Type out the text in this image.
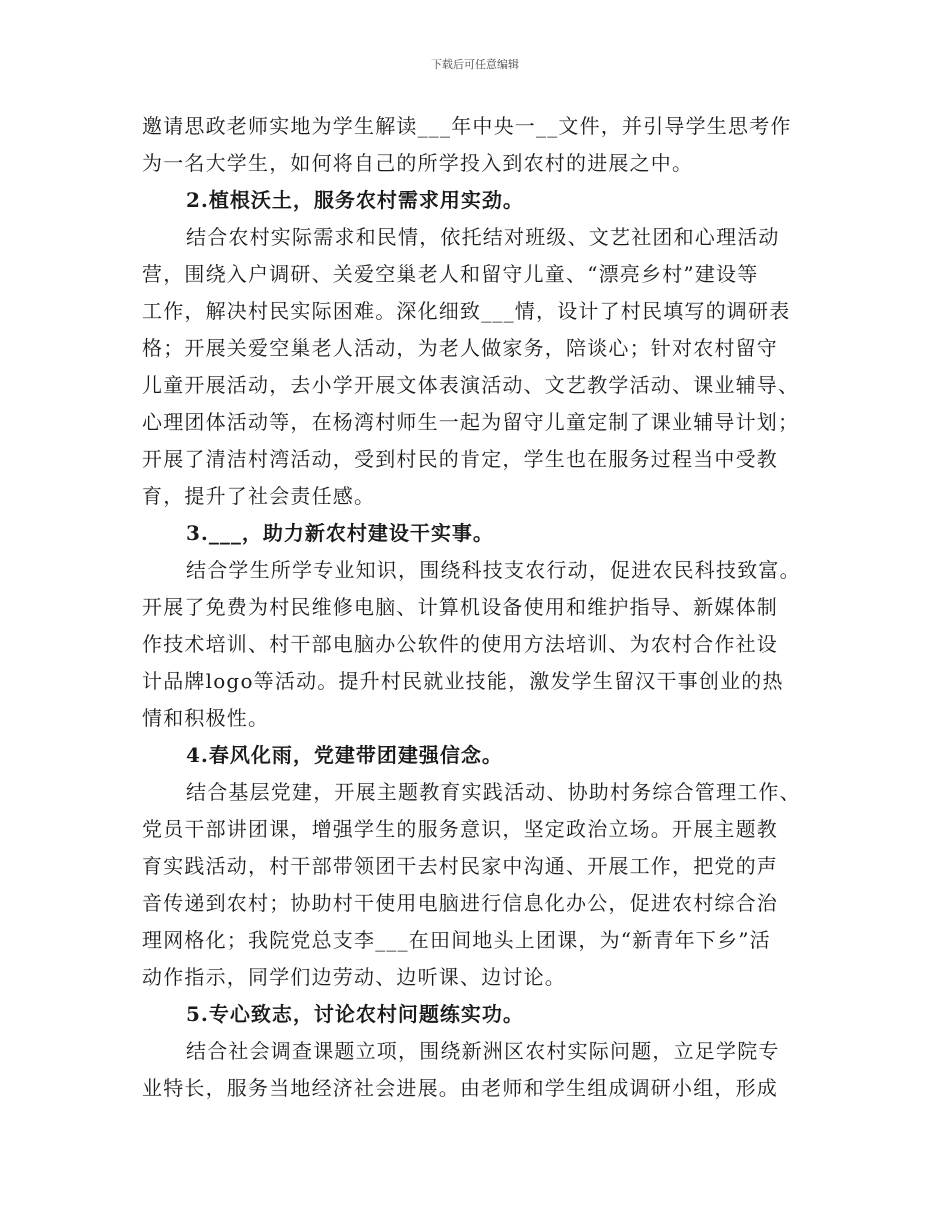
下载后可任意编辑
邀请思政老师实地为学生解读___年中央一__文件，并引导学生思考作
为一名大学生，如何将自己的所学投入到农村的进展之中。
2.植根沃土，服务农村需求用实劲。
结合农村实际需求和民情，依托结对班级、文艺社团和心理活动
营，围绕入户调研、关爱空巢老人和留守儿童、“漂亮乡村”建设等
工作，解决村民实际困难。深化细致___情，设计了村民填写的调研表
格；开展关爱空巢老人活动，为老人做家务，陪谈心；针对农村留守
儿童开展活动，去小学开展文体表演活动、文艺教学活动、课业辅导、
心理团体活动等，在杨湾村师生一起为留守儿童定制了课业辅导计划；
开展了清洁村湾活动，受到村民的肯定，学生也在服务过程当中受教
育，提升了社会责任感。
3.___，助力新农村建设干实事。
结合学生所学专业知识，围绕科技支农行动，促进农民科技致富。
开展了免费为村民维修电脑、计算机设备使用和维护指导、新媒体制
作技术培训、村干部电脑办公软件的使用方法培训、为农村合作社设
计品牌logo等活动。提升村民就业技能，激发学生留汉干事创业的热
情和积极性。
4.春风化雨，党建带团建强信念。
结合基层党建，开展主题教育实践活动、协助村务综合管理工作、
党员干部讲团课，增强学生的服务意识，坚定政治立场。开展主题教
育实践活动，村干部带领团干去村民家中沟通、开展工作，把党的声
音传递到农村；协助村干使用电脑进行信息化办公，促进农村综合治
理网格化；我院党总支李___在田间地头上团课，为“新青年下乡”活
动作指示，同学们边劳动、边听课、边讨论。
5.专心致志，讨论农村问题练实功。
结合社会调查课题立项，围绕新洲区农村实际问题，立足学院专
业特长，服务当地经济社会进展。由老师和学生组成调研小组，形成
